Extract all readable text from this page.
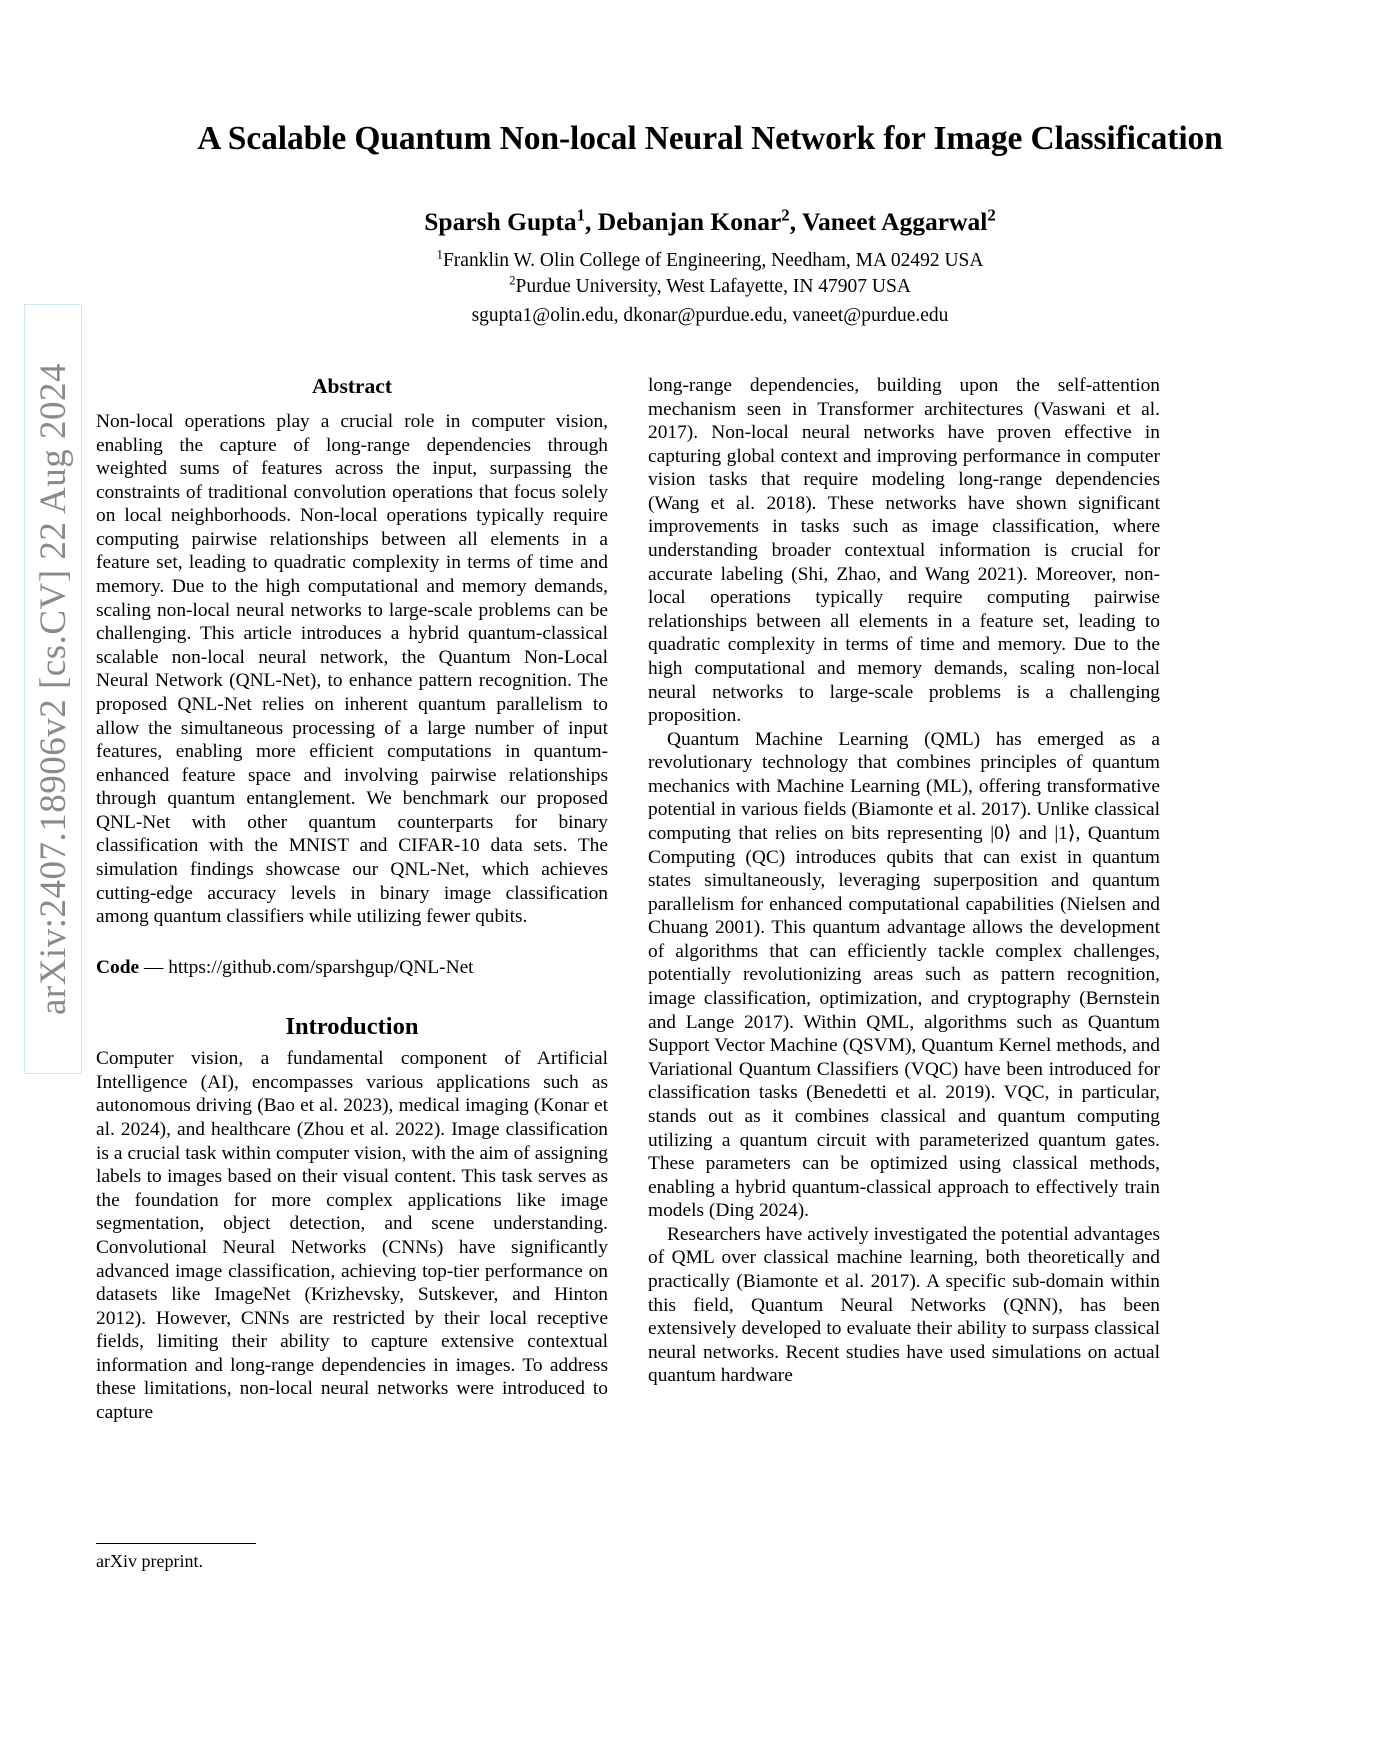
arXiv:2407.18906v2 [cs.CV] 22 Aug 2024
A Scalable Quantum Non-local Neural Network for Image Classification
Sparsh Gupta$^1$, Debanjan Konar$^2$, Vaneet Aggarwal$^2$
$^1$Franklin W. Olin College of Engineering, Needham, MA 02492 USA
$^2$Purdue University, West Lafayette, IN 47907 USA
sgupta1@olin.edu, dkonar@purdue.edu, vaneet@purdue.edu
Abstract

Non-local operations play a crucial role in computer vision, enabling the capture of long-range dependencies through weighted sums of features across the input, surpassing the constraints of traditional convolution operations that focus solely on local neighborhoods. Non-local operations typically require computing pairwise relationships between all elements in a feature set, leading to quadratic complexity in terms of time and memory. Due to the high computational and memory demands, scaling non-local neural networks to large-scale problems can be challenging. This article introduces a hybrid quantum-classical scalable non-local neural network, the Quantum Non-Local Neural Network (QNL-Net), to enhance pattern recognition. The proposed QNL-Net relies on inherent quantum parallelism to allow the simultaneous processing of a large number of input features, enabling more efficient computations in quantum-enhanced feature space and involving pairwise relationships through quantum entanglement. We benchmark our proposed QNL-Net with other quantum counterparts for binary classification with the MNIST and CIFAR-10 data sets. The simulation findings showcase our QNL-Net, which achieves cutting-edge accuracy levels in binary image classification among quantum classifiers while utilizing fewer qubits.

Code — https://github.com/sparshgup/QNL-Net

Introduction

Computer vision, a fundamental component of Artificial Intelligence (AI), encompasses various applications such as autonomous driving (Bao et al. 2023), medical imaging (Konar et al. 2024), and healthcare (Zhou et al. 2022). Image classification is a crucial task within computer vision, with the aim of assigning labels to images based on their visual content. This task serves as the foundation for more complex applications like image segmentation, object detection, and scene understanding. Convolutional Neural Networks (CNNs) have significantly advanced image classification, achieving top-tier performance on datasets like ImageNet (Krizhevsky, Sutskever, and Hinton 2012). However, CNNs are restricted by their local receptive fields, limiting their ability to capture extensive contextual information and long-range dependencies in images. To address these limitations, non-local neural networks were introduced to capture

long-range dependencies, building upon the self-attention mechanism seen in Transformer architectures (Vaswani et al. 2017). Non-local neural networks have proven effective in capturing global context and improving performance in computer vision tasks that require modeling long-range dependencies (Wang et al. 2018). These networks have shown significant improvements in tasks such as image classification, where understanding broader contextual information is crucial for accurate labeling (Shi, Zhao, and Wang 2021). Moreover, non-local operations typically require computing pairwise relationships between all elements in a feature set, leading to quadratic complexity in terms of time and memory. Due to the high computational and memory demands, scaling non-local neural networks to large-scale problems is a challenging proposition.

Quantum Machine Learning (QML) has emerged as a revolutionary technology that combines principles of quantum mechanics with Machine Learning (ML), offering transformative potential in various fields (Biamonte et al. 2017). Unlike classical computing that relies on bits representing |0⟩ and |1⟩, Quantum Computing (QC) introduces qubits that can exist in quantum states simultaneously, leveraging superposition and quantum parallelism for enhanced computational capabilities (Nielsen and Chuang 2001). This quantum advantage allows the development of algorithms that can efficiently tackle complex challenges, potentially revolutionizing areas such as pattern recognition, image classification, optimization, and cryptography (Bernstein and Lange 2017). Within QML, algorithms such as Quantum Support Vector Machine (QSVM), Quantum Kernel methods, and Variational Quantum Classifiers (VQC) have been introduced for classification tasks (Benedetti et al. 2019). VQC, in particular, stands out as it combines classical and quantum computing utilizing a quantum circuit with parameterized quantum gates. These parameters can be optimized using classical methods, enabling a hybrid quantum-classical approach to effectively train models (Ding 2024).

Researchers have actively investigated the potential advantages of QML over classical machine learning, both theoretically and practically (Biamonte et al. 2017). A specific sub-domain within this field, Quantum Neural Networks (QNN), has been extensively developed to evaluate their ability to surpass classical neural networks. Recent studies have used simulations on actual quantum hardware

arXiv preprint.
